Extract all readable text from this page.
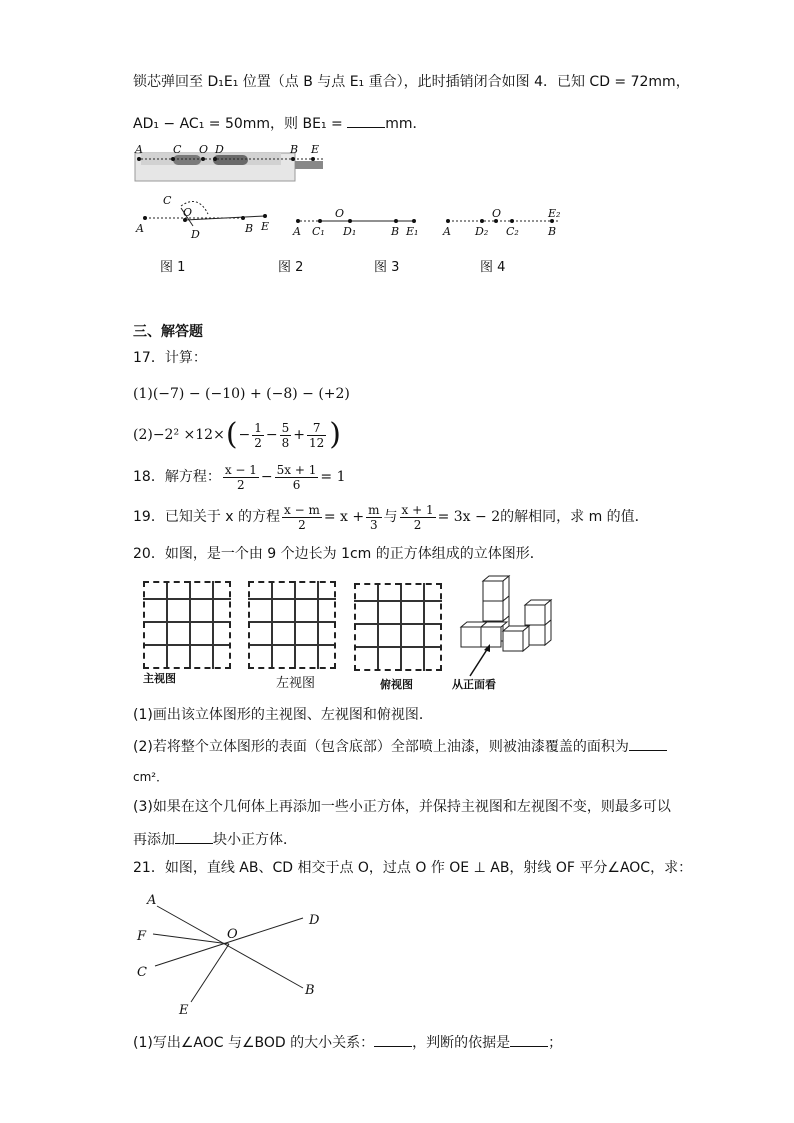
锁芯弹回至 D₁E₁ 位置（点 B 与点 E₁ 重合），此时插销闭合如图 4．已知 CD = 72mm，
AD₁ − AC₁ = 50mm，则 BE₁ =	mm．
A	C O D	B E
A
C
O
D	B E A C₁
O
D₁	B E₁ A D₂
O
C₂	B
E₂
图 1	图 2	图 3	图 4
三、解答题
17．计算：
(1)(−7) − (−10) + (−8) − (+2)
(2)−2² ×12× ( − $\frac{1}{2} - \frac{5}{8} + \frac{7}{12}$ )
18．解方程： $\frac{x - 1}{2} - \frac{5x + 1}{6} = 1$
19．已知关于 x 的方程 $\frac{x - m}{2} = x + \frac{m}{3}$ 与 $\frac{x + 1}{2} = 3x - 2$ 的解相同，求 m 的值．
20．如图，是一个由 9 个边长为 1cm 的正方体组成的立体图形．
主视图	左视图	俯视图	从正面看
(1)画出该立体图形的主视图、左视图和俯视图．
(2)若将整个立体图形的表面（包含底部）全部喷上油漆，则被油漆覆盖的面积为
cm²．
(3)如果在这个几何体上再添加一些小正方体，并保持主视图和左视图不变，则最多可以
再添加	块小正方体．
21．如图，直线 AB、CD 相交于点 O，过点 O 作 OE ⊥ AB，射线 OF 平分∠AOC，求：
A
F
C
E
O
D
B
(1)写出∠AOC 与∠BOD 的大小关系：	，判断的依据是	；
